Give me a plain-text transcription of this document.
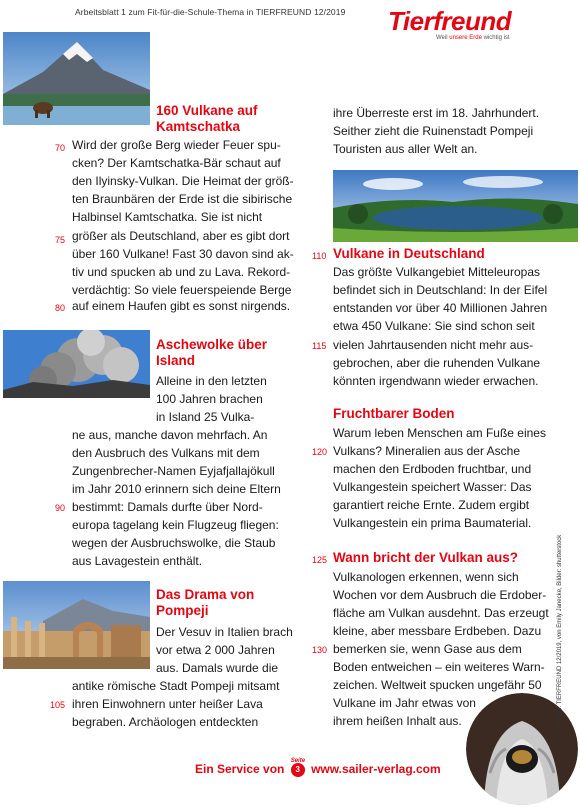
Arbeitsblatt 1 zum Fit-für-die-Schule-Thema in TIERFREUND 12/2019 Tierfreund
Weil unsere Erde wichtig ist
160 Vulkane auf
Kamtschatka
70
75
80
Wird der große Berg wieder Feuer spu-
cken? Der Kamtschatka-Bär schaut auf
den Ilyinsky-Vulkan. Die Heimat der größ-
ten Braunbären der Erde ist die sibirische
Halbinsel Kamtschatka. Sie ist nicht
größer als Deutschland, aber es gibt dort
über 160 Vulkane! Fast 30 davon sind ak-
tiv und spucken ab und zu Lava. Rekord-
verdächtig: So viele feuerspeiende Berge
auf einem Haufen gibt es sonst nirgends.
Aschewolke über
Island
Alleine in den letzten
100 Jahren brachen
in Island 25 Vulka-
ne aus, manche davon mehrfach. An
den Ausbruch des Vulkans mit dem
Zungenbrecher-Namen Eyjafjallajökull
im Jahr 2010 erinnern sich deine Eltern
90 bestimmt: Damals durfte über Nord-
europa tagelang kein Flugzeug fliegen:
wegen der Ausbruchswolke, die Staub
aus Lavagestein enthält.
Das Drama von
Pompeji
Der Vesuv in Italien brach
vor etwa 2 000 Jahren
aus. Damals wurde die
antike römische Stadt Pompeji mitsamt
105 ihren Einwohnern unter heißer Lava
begraben. Archäologen entdeckten
ihre Überreste erst im 18. Jahrhundert.
Seither zieht die Ruinenstadt Pompeji
Touristen aus aller Welt an.
110 Vulkane in Deutschland
Das größte Vulkangebiet Mitteleuropas
befindet sich in Deutschland: In der Eifel
entstanden vor über 40 Millionen Jahren
etwa 450 Vulkane: Sie sind schon seit
115 vielen Jahrtausenden nicht mehr aus-
gebrochen, aber die ruhenden Vulkane
könnten irgendwann wieder erwachen.
Fruchtbarer Boden
Warum leben Menschen am Fuße eines
120 Vulkans? Mineralien aus der Asche
machen den Erdboden fruchtbar, und
Vulkangestein speichert Wasser: Das
garantiert reiche Ernte. Zudem ergibt
Vulkangestein ein prima Baumaterial.
125 Wann bricht der Vulkan aus?
Vulkanologen erkennen, wenn sich
Wochen vor dem Ausbruch die Erdober-
fläche am Vulkan ausdehnt. Das erzeugt
kleine, aber messbare Erdbeben. Dazu
130 bemerken sie, wenn Gase aus dem
Boden entweichen – ein weiteres Warn-
zeichen. Weltweit spucken ungefähr 50
Vulkane im Jahr etwas von
ihrem heißen Inhalt aus.	Text aus: TIERFREUND 12/2019, von Emily Janecke, Bilder: shutterstock
Ein Service von
Seite
3 www.sailer-verlag.com
